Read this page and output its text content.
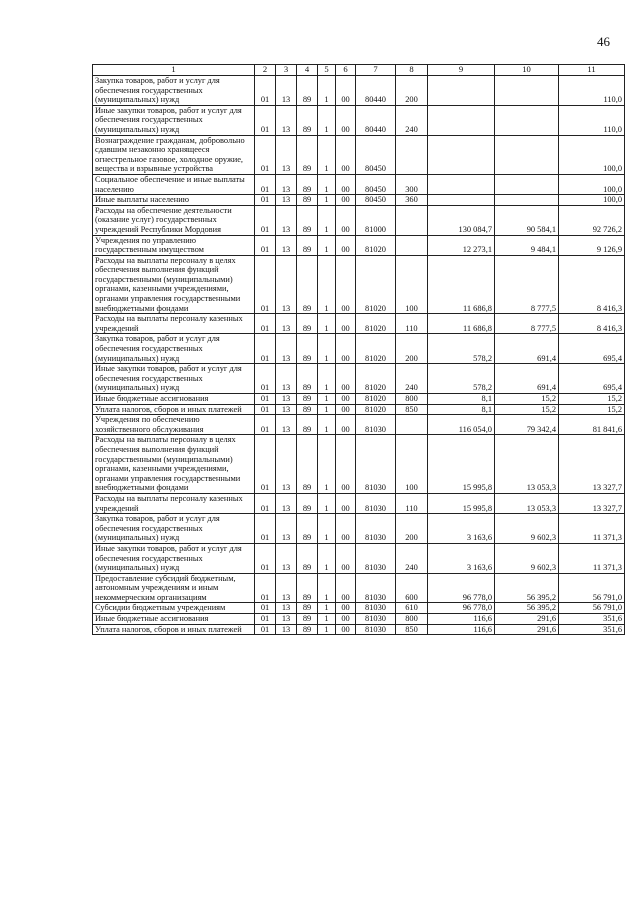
46
1	2	3	4	5	6	7	8	9	10	11
Закупка товаров, работ и услуг для обеспечения государственных (муниципальных) нужд	01	13	89	1	00	80440	200			110,0
Иные закупки товаров, работ и услуг для обеспечения государственных (муниципальных) нужд	01	13	89	1	00	80440	240			110,0
Вознаграждение гражданам, добровольно сдавшим незаконно хранящееся огнестрельное газовое, холодное оружие, вещества и взрывные устройства	01	13	89	1	00	80450				100,0
Социальное обеспечение и иные выплаты населению	01	13	89	1	00	80450	300			100,0
Иные выплаты населению	01	13	89	1	00	80450	360			100,0
Расходы на обеспечение деятельности (оказание услуг) государственных учреждений Республики Мордовия	01	13	89	1	00	81000		130 084,7	90 584,1	92 726,2
Учреждения по управлению государственным имуществом	01	13	89	1	00	81020		12 273,1	9 484,1	9 126,9
Расходы на выплаты персоналу в целях обеспечения выполнения функций государственными (муниципальными) органами, казенными учреждениями, органами управления государственными внебюджетными фондами	01	13	89	1	00	81020	100	11 686,8	8 777,5	8 416,3
Расходы на выплаты персоналу казенных учреждений	01	13	89	1	00	81020	110	11 686,8	8 777,5	8 416,3
Закупка товаров, работ и услуг для обеспечения государственных (муниципальных) нужд	01	13	89	1	00	81020	200	578,2	691,4	695,4
Иные закупки товаров, работ и услуг для обеспечения государственных (муниципальных) нужд	01	13	89	1	00	81020	240	578,2	691,4	695,4
Иные бюджетные ассигнования	01	13	89	1	00	81020	800	8,1	15,2	15,2
Уплата налогов, сборов и иных платежей	01	13	89	1	00	81020	850	8,1	15,2	15,2
Учреждения по обеспечению хозяйственного обслуживания	01	13	89	1	00	81030		116 054,0	79 342,4	81 841,6
Расходы на выплаты персоналу в целях обеспечения выполнения функций государственными (муниципальными) органами, казенными учреждениями, органами управления государственными внебюджетными фондами	01	13	89	1	00	81030	100	15 995,8	13 053,3	13 327,7
Расходы на выплаты персоналу казенных учреждений	01	13	89	1	00	81030	110	15 995,8	13 053,3	13 327,7
Закупка товаров, работ и услуг для обеспечения государственных (муниципальных) нужд	01	13	89	1	00	81030	200	3 163,6	9 602,3	11 371,3
Иные закупки товаров, работ и услуг для обеспечения государственных (муниципальных) нужд	01	13	89	1	00	81030	240	3 163,6	9 602,3	11 371,3
Предоставление субсидий бюджетным, автономным учреждениям и иным некоммерческим организациям	01	13	89	1	00	81030	600	96 778,0	56 395,2	56 791,0
Субсидии бюджетным учреждениям	01	13	89	1	00	81030	610	96 778,0	56 395,2	56 791,0
Иные бюджетные ассигнования	01	13	89	1	00	81030	800	116,6	291,6	351,6
Уплата налогов, сборов и иных платежей	01	13	89	1	00	81030	850	116,6	291,6	351,6
